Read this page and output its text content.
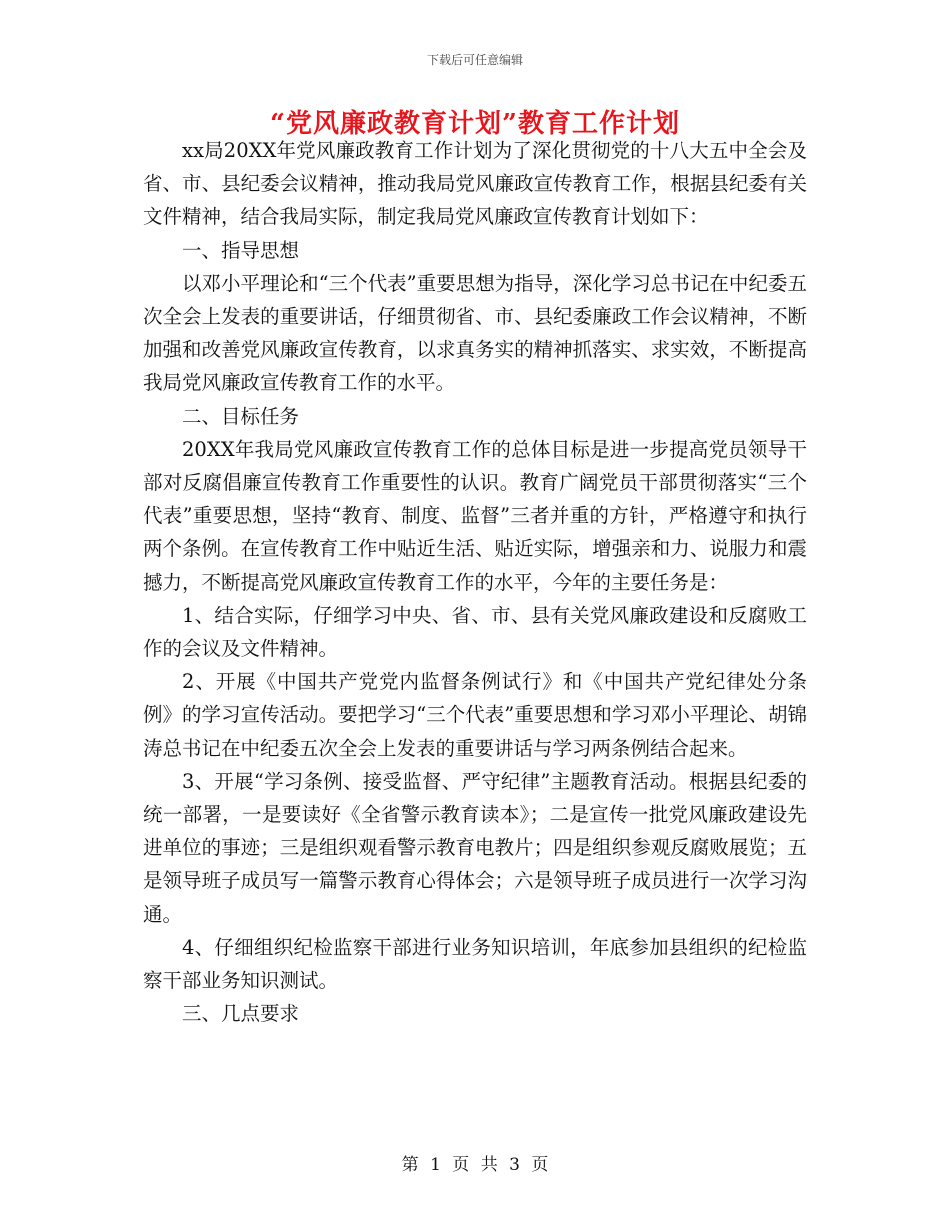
下载后可任意编辑
“党风廉政教育计划”教育工作计划

xx局20XX年党风廉政教育工作计划为了深化贯彻党的十八大五中全会及省、市、县纪委会议精神，推动我局党风廉政宣传教育工作，根据县纪委有关文件精神，结合我局实际，制定我局党风廉政宣传教育计划如下：

一、指导思想

以邓小平理论和“三个代表”重要思想为指导，深化学习总书记在中纪委五次全会上发表的重要讲话，仔细贯彻省、市、县纪委廉政工作会议精神，不断加强和改善党风廉政宣传教育，以求真务实的精神抓落实、求实效，不断提高我局党风廉政宣传教育工作的水平。

二、目标任务

20XX年我局党风廉政宣传教育工作的总体目标是进一步提高党员领导干部对反腐倡廉宣传教育工作重要性的认识。教育广阔党员干部贯彻落实“三个代表”重要思想，坚持“教育、制度、监督”三者并重的方针，严格遵守和执行两个条例。在宣传教育工作中贴近生活、贴近实际，增强亲和力、说服力和震撼力，不断提高党风廉政宣传教育工作的水平，今年的主要任务是：

1、结合实际，仔细学习中央、省、市、县有关党风廉政建设和反腐败工作的会议及文件精神。

2、开展《中国共产党党内监督条例试行》和《中国共产党纪律处分条例》的学习宣传活动。要把学习“三个代表”重要思想和学习邓小平理论、胡锦涛总书记在中纪委五次全会上发表的重要讲话与学习两条例结合起来。

3、开展“学习条例、接受监督、严守纪律”主题教育活动。根据县纪委的统一部署，一是要读好《全省警示教育读本》；二是宣传一批党风廉政建设先进单位的事迹；三是组织观看警示教育电教片；四是组织参观反腐败展览；五是领导班子成员写一篇警示教育心得体会；六是领导班子成员进行一次学习沟通。

4、仔细组织纪检监察干部进行业务知识培训，年底参加县组织的纪检监察干部业务知识测试。

三、几点要求

第 1 页 共 3 页
